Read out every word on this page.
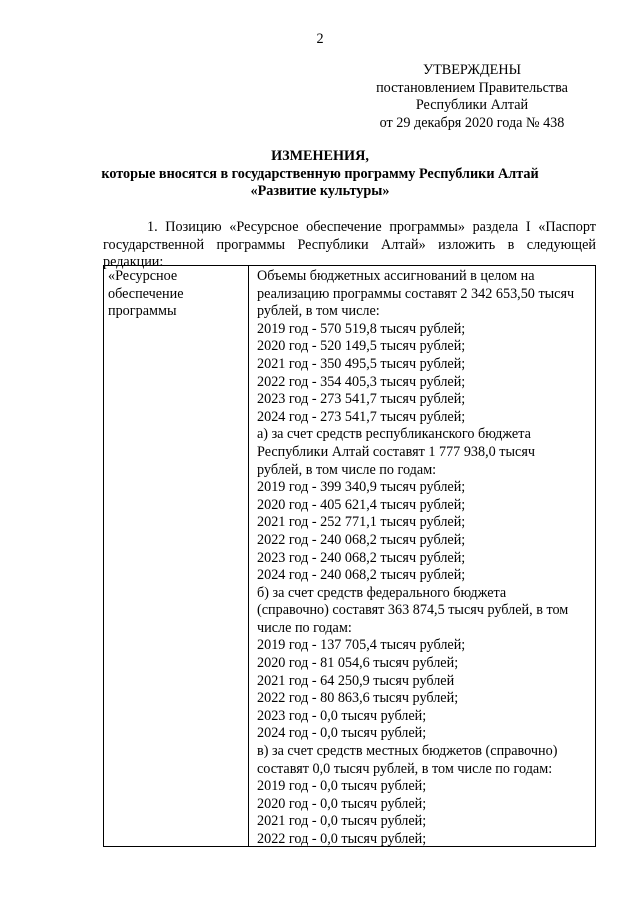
2
УТВЕРЖДЕНЫ
постановлением Правительства
Республики Алтай
от 29 декабря 2020 года № 438
ИЗМЕНЕНИЯ,
которые вносятся в государственную программу Республики Алтай
«Развитие культуры»
1. Позицию «Ресурсное обеспечение программы» раздела I «Паспорт
государственной программы Республики Алтай» изложить в следующей
редакции:
«Ресурсное
обеспечение
программы
Объемы бюджетных ассигнований в целом на
реализацию программы составят 2 342 653,50 тысяч
рублей, в том числе:
2019 год - 570 519,8 тысяч рублей;
2020 год - 520 149,5 тысяч рублей;
2021 год - 350 495,5 тысяч рублей;
2022 год - 354 405,3 тысяч рублей;
2023 год - 273 541,7 тысяч рублей;
2024 год - 273 541,7 тысяч рублей;
а) за счет средств республиканского бюджета
Республики Алтай составят 1 777 938,0 тысяч
рублей, в том числе по годам:
2019 год - 399 340,9 тысяч рублей;
2020 год - 405 621,4 тысяч рублей;
2021 год - 252 771,1 тысяч рублей;
2022 год - 240 068,2 тысяч рублей;
2023 год - 240 068,2 тысяч рублей;
2024 год - 240 068,2 тысяч рублей;
б) за счет средств федерального бюджета
(справочно) составят 363 874,5 тысяч рублей, в том
числе по годам:
2019 год - 137 705,4 тысяч рублей;
2020 год - 81 054,6 тысяч рублей;
2021 год - 64 250,9 тысяч рублей
2022 год - 80 863,6 тысяч рублей;
2023 год - 0,0 тысяч рублей;
2024 год - 0,0 тысяч рублей;
в) за счет средств местных бюджетов (справочно)
составят 0,0 тысяч рублей, в том числе по годам:
2019 год - 0,0 тысяч рублей;
2020 год - 0,0 тысяч рублей;
2021 год - 0,0 тысяч рублей;
2022 год - 0,0 тысяч рублей;
